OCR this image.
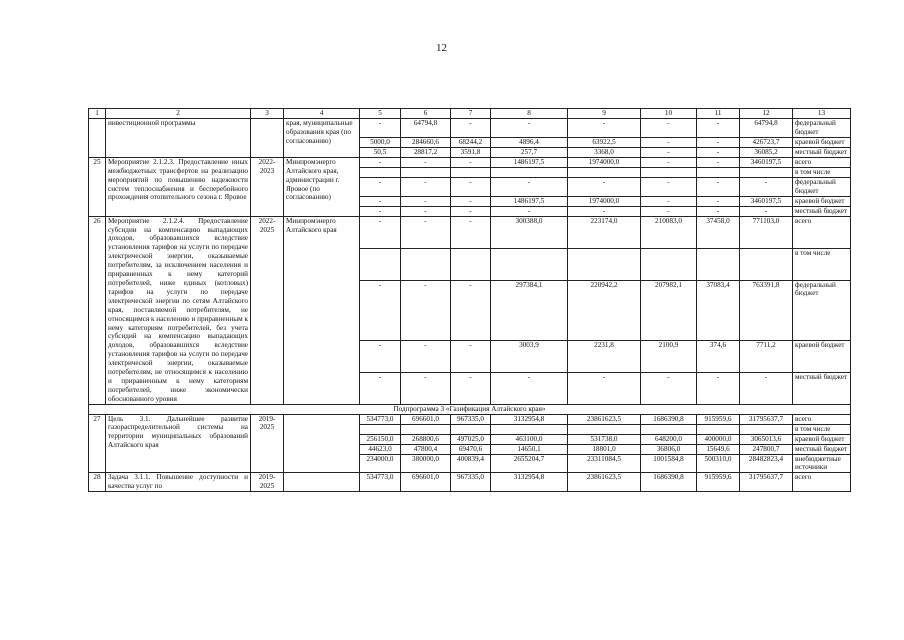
12
1	2	3	4	5	6	7	8	9	10	11	12	13
	инвестиционной программы		края, муниципальные образования края (по согласованию)	-	64794,8	-	-	-	-	-	64794,8	федеральный бюджет
				5000,0	284660,6	68244,2	4896,4	63922,5	-	-	426723,7	краевой бюджет
				50,5	28817,2	3591,8	257,7	3368,0	-	-	36085,2	местный бюджет
25	Мероприятие 2.1.2.3. Предоставление иных межбюджетных трансфертов на реализацию мероприятий по повышению надежности систем теплоснабжения и бесперебойного прохождения отопительного сезона г. Яровое	2022-2023	Минпромэнерго Алтайского края, администрации г. Яровое (по согласованию)	-	-	-	1486197,5	1974000,0	-	-	3460197,5	всего
												в том числе
				-	-	-	-	-	-	-	-	федеральный бюджет
				-	-	-	1486197,5	1974000,0	-	-	3460197,5	краевой бюджет
				-	-	-	-	-	-	-	-	местный бюджет
26	Мероприятие 2.1.2.4. Предоставление субсидии на компенсацию выпадающих доходов, образовавшихся вследствие установления тарифов на услуги по передаче электрической энергии, оказываемые потребителям, за исключением населения и приравненных к нему категорий потребителей, ниже единых (котловых) тарифов на услуги по передаче электрической энергии по сетям Алтайского края, поставляемой потребителям, не относящимся к населению и приравненным к нему категориям потребителей, без учета субсидий на компенсацию выпадающих доходов, образовавшихся вследствие установления тарифов на услуги по передаче электрической энергии, оказываемые потребителям, не относящимся к населению и приравненным к нему категориям потребителей, ниже экономически обоснованного уровня	2022-2025	Минпромэнерго Алтайского края	-	-	-	300388,0	223174,0	210083,0	37458,0	771103,0	всего
												в том числе
				-	-	-	297384,1	220942,2	207982,1	37083,4	763391,8	федеральный бюджет
				-	-	-	3003,9	2231,8	2100,9	374,6	7711,2	краевой бюджет
				-	-	-	-	-	-	-	-	местный бюджет
Подпрограмма 3 «Газификация Алтайского края»												
27	Цель 3.1. Дальнейшее развитие газораспределительной системы на территории муниципальных образований Алтайского края	2019-2025		534773,0	696601,0	967335,0	3132954,8	23861623,5	1686390,8	915959,6	31795637,7	всего
												в том числе
				256150,0	268800,6	497025,0	463100,0	531738,0	648200,0	400000,0	3065013,6	краевой бюджет
				44623,0	47800,4	69470,6	14650,1	18801,0	36806,0	15649,6	247800,7	местный бюджет
				234000,0	380000,0	400839,4	2655204,7	23311084,5	1001584,8	500310,0	28482823,4	внебюджетные источники
28	Задача 3.1.1. Повышение доступности и качества услуг по	2019-2025		534773,0	696601,0	967335,0	3132954,8	23861623,5	1686390,8	915959,6	31795637,7	всего
